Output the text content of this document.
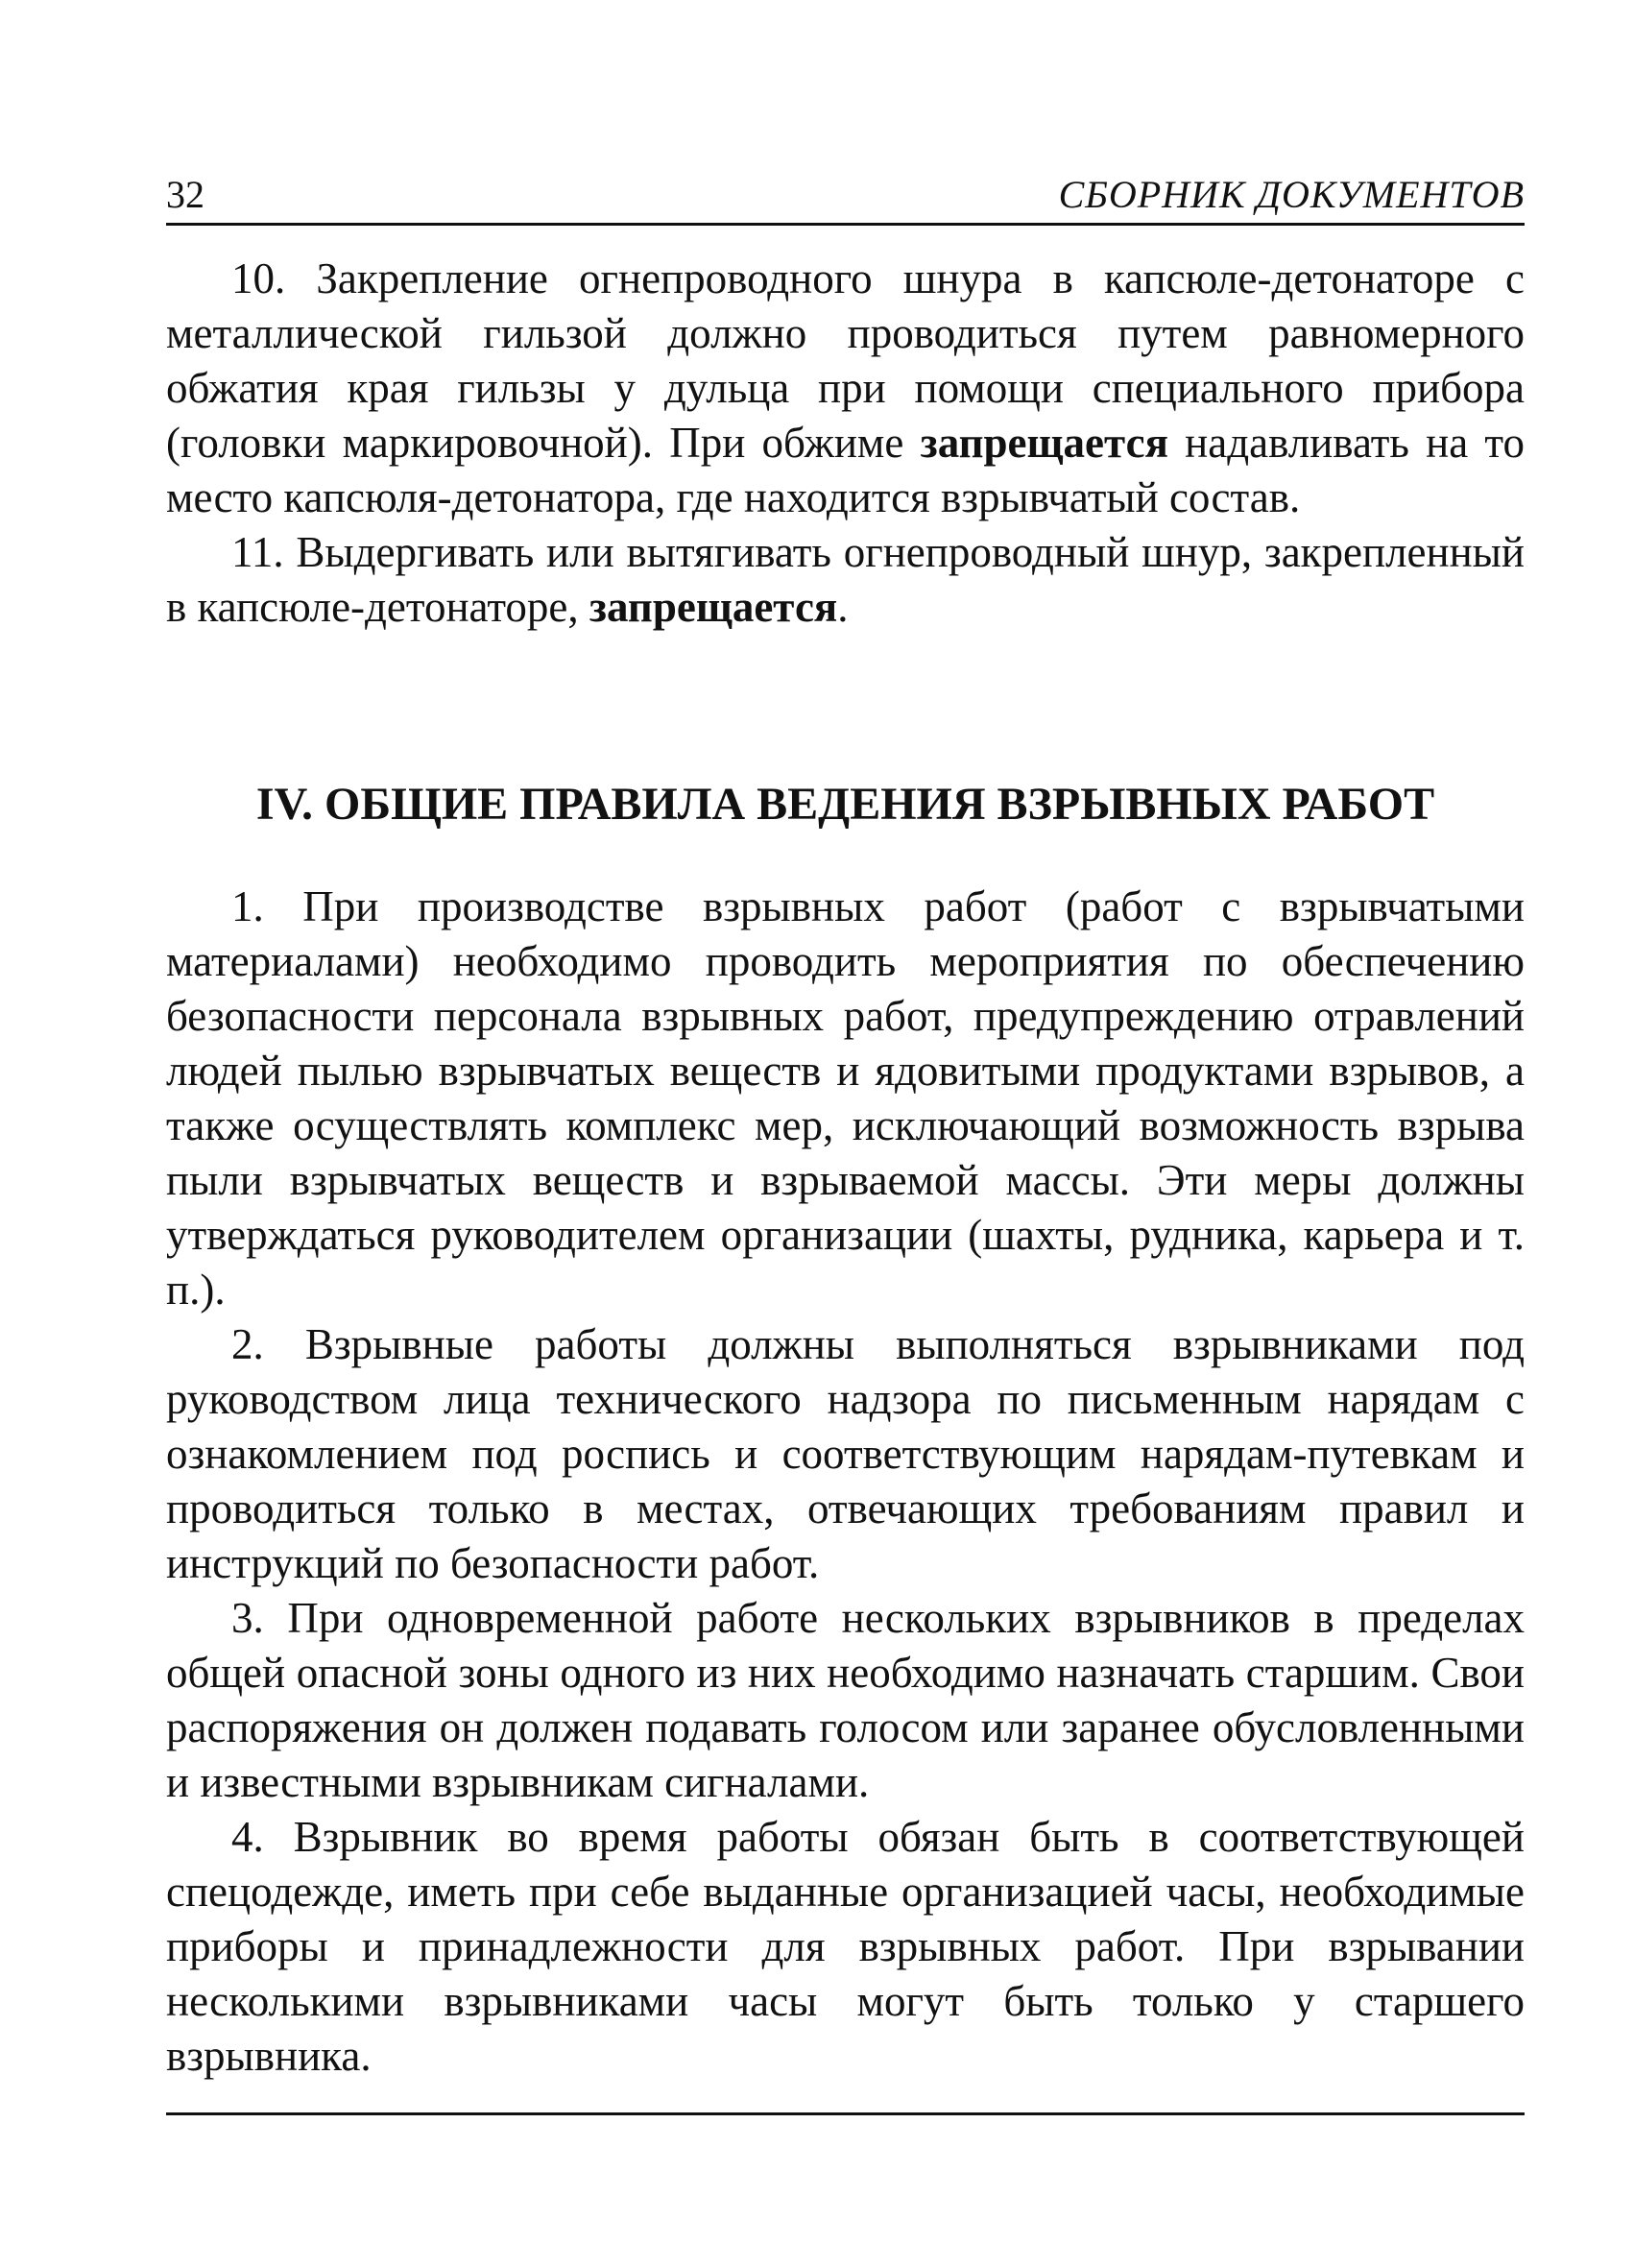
32	СБОРНИК ДОКУМЕНТОВ

10. Закрепление огнепроводного шнура в капсюле-детонаторе с металлической гильзой должно проводиться путем равномерного обжатия края гильзы у дульца при помощи специального прибора (головки маркировочной). При обжиме запрещается надавливать на то место капсюля-детонатора, где находится взрывчатый состав.

11. Выдергивать или вытягивать огнепроводный шнур, закрепленный в капсюле-детонаторе, запрещается.

IV. ОБЩИЕ ПРАВИЛА ВЕДЕНИЯ ВЗРЫВНЫХ РАБОТ

1. При производстве взрывных работ (работ с взрывчатыми материалами) необходимо проводить мероприятия по обеспечению безопасности персонала взрывных работ, предупреждению отравлений людей пылью взрывчатых веществ и ядовитыми продуктами взрывов, а также осуществлять комплекс мер, исключающий возможность взрыва пыли взрывчатых веществ и взрываемой массы. Эти меры должны утверждаться руководителем организации (шахты, рудника, карьера и т. п.).

2. Взрывные работы должны выполняться взрывниками под руководством лица технического надзора по письменным нарядам с ознакомлением под роспись и соответствующим нарядам-путевкам и проводиться только в местах, отвечающих требованиям правил и инструкций по безопасности работ.

3. При одновременной работе нескольких взрывников в пределах общей опасной зоны одного из них необходимо назначать старшим. Свои распоряжения он должен подавать голосом или заранее обусловленными и известными взрывникам сигналами.

4. Взрывник во время работы обязан быть в соответствующей спецодежде, иметь при себе выданные организацией часы, необходимые приборы и принадлежности для взрывных работ. При взрывании несколькими взрывниками часы могут быть только у старшего взрывника.
